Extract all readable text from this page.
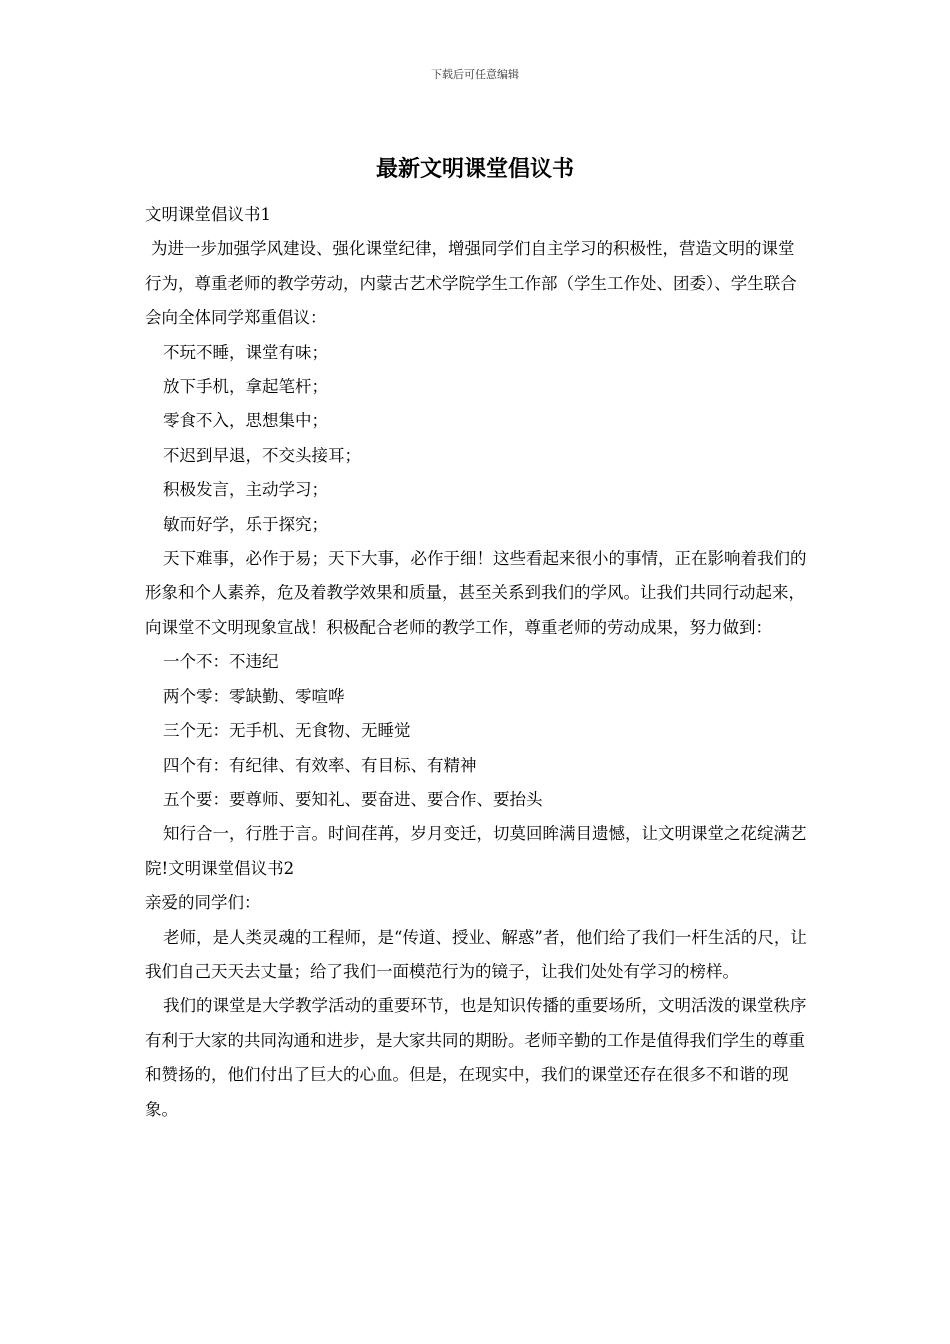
下载后可任意编辑
最新文明课堂倡议书

文明课堂倡议书1

为进一步加强学风建设、强化课堂纪律，增强同学们自主学习的积极性，营造文明的课堂行为，尊重老师的教学劳动，内蒙古艺术学院学生工作部（学生工作处、团委）、学生联合会向全体同学郑重倡议：

不玩不睡，课堂有味；

放下手机，拿起笔杆；

零食不入，思想集中；

不迟到早退，不交头接耳；

积极发言，主动学习；

敏而好学，乐于探究；

天下难事，必作于易；天下大事，必作于细！这些看起来很小的事情，正在影响着我们的形象和个人素养，危及着教学效果和质量，甚至关系到我们的学风。让我们共同行动起来，向课堂不文明现象宣战！积极配合老师的教学工作，尊重老师的劳动成果，努力做到：

一个不：不违纪

两个零：零缺勤、零喧哗

三个无：无手机、无食物、无睡觉

四个有：有纪律、有效率、有目标、有精神

五个要：要尊师、要知礼、要奋进、要合作、要抬头

知行合一，行胜于言。时间荏苒，岁月变迁，切莫回眸满目遗憾，让文明课堂之花绽满艺院!文明课堂倡议书2

亲爱的同学们：

老师，是人类灵魂的工程师，是“传道、授业、解惑”者，他们给了我们一杆生活的尺，让我们自己天天去丈量；给了我们一面模范行为的镜子，让我们处处有学习的榜样。

我们的课堂是大学教学活动的重要环节，也是知识传播的重要场所，文明活泼的课堂秩序有利于大家的共同沟通和进步，是大家共同的期盼。老师辛勤的工作是值得我们学生的尊重和赞扬的，他们付出了巨大的心血。但是，在现实中，我们的课堂还存在很多不和谐的现象。
